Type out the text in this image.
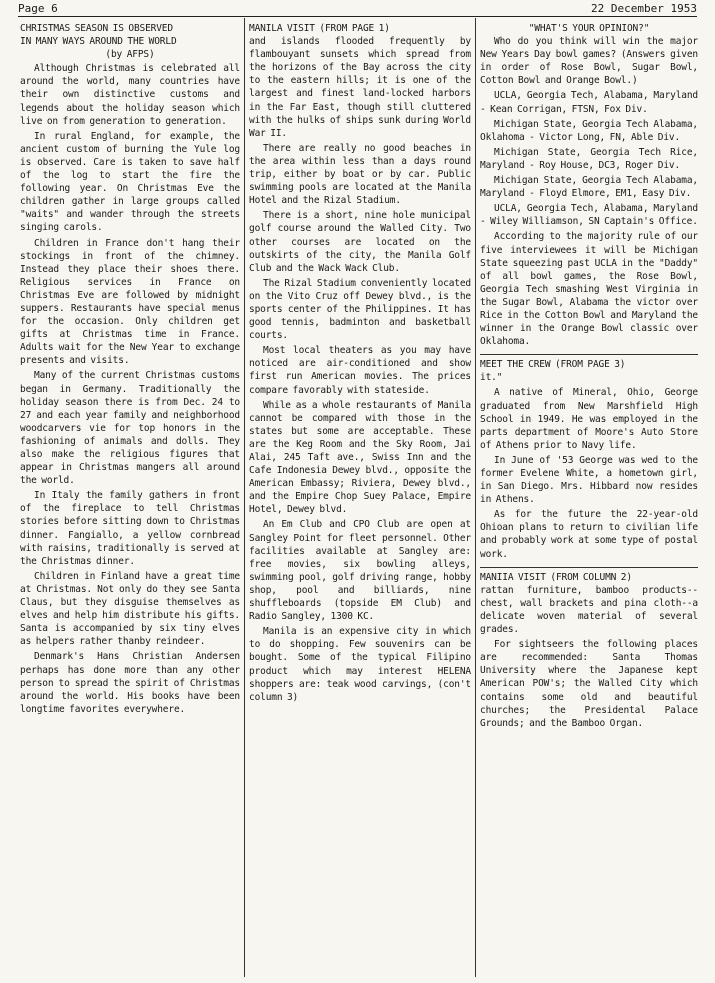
Page 6	22 December 1953
CHRISTMAS SEASON IS OBSERVED
IN MANY WAYS AROUND THE WORLD
(by AFPS)

Although Christmas is celebrated all around the world, many countries have their own distinctive customs and legends about the holiday season which live on from generation to generation.

In rural England, for example, the ancient custom of burning the Yule log is observed. Care is taken to save half of the log to start the fire the following year. On Christmas Eve the children gather in large groups called "waits" and wander through the streets singing carols.

Children in France don't hang their stockings in front of the chimney. Instead they place their shoes there. Religious services in France on Christmas Eve are followed by midnight suppers. Restaurants have special menus for the occasion. Only children get gifts at Christmas time in France. Adults wait for the New Year to exchange presents and visits.

Many of the current Christmas customs began in Germany. Traditionally the holiday season there is from Dec. 24 to 27 and each year family and neighborhood woodcarvers vie for top honors in the fashioning of animals and dolls. They also make the religious figures that appear in Christmas mangers all around the world.

In Italy the family gathers in front of the fireplace to tell Christmas stories before sitting down to Christmas dinner. Fangiallo, a yellow cornbread with raisins, traditionally is served at the Christmas dinner.

Children in Finland have a great time at Christmas. Not only do they see Santa Claus, but they disguise themselves as elves and help him distribute his gifts. Santa is accompanied by six tiny elves as helpers rather thanby reindeer.

Denmark's Hans Christian Andersen perhaps has done more than any other person to spread the spirit of Christmas around the world. His books have been longtime favorites everywhere.

MANILA VISIT (FROM PAGE 1)

and islands flooded frequently by flambouyant sunsets which spread from the horizons of the Bay across the city to the eastern hills; it is one of the largest and finest land-locked harbors in the Far East, though still cluttered with the hulks of ships sunk during World War II.

There are really no good beaches in the area within less than a days round trip, either by boat or by car. Public swimming pools are located at the Manila Hotel and the Rizal Stadium.

There is a short, nine hole municipal golf course around the Walled City. Two other courses are located on the outskirts of the city, the Manila Golf Club and the Wack Wack Club.

The Rizal Stadium conveniently located on the Vito Cruz off Dewey blvd., is the sports center of the Philippines. It has good tennis, badminton and basketball courts.

Most local theaters as you may have noticed are air-conditioned and show first run American movies. The prices compare favorably with stateside.

While as a whole restaurants of Manila cannot be compared with those in the states but some are acceptable. These are the Keg Room and the Sky Room, Jai Alai, 245 Taft ave., Swiss Inn and the Cafe Indonesia Dewey blvd., opposite the American Embassy; Riviera, Dewey blvd., and the Empire Chop Suey Palace, Empire Hotel, Dewey blvd.

An Em Club and CPO Club are open at Sangley Point for fleet personnel. Other facilities available at Sangley are: free movies, six bowling alleys, swimming pool, golf driving range, hobby shop, pool and billiards, nine shuffleboards (topside EM Club) and Radio Sangley, 1300 KC.

Manila is an expensive city in which to do shopping. Few souvenirs can be bought. Some of the typical Filipino product which may interest HELENA shoppers are: teak wood carvings, (con't column 3)

"WHAT'S YOUR OPINION?"

Who do you think will win the major New Years Day bowl games? (Answers given in order of Rose Bowl, Sugar Bowl, Cotton Bowl and Orange Bowl.)

UCLA, Georgia Tech, Alabama, Maryland - Kean Corrigan, FTSN, Fox Div.

Michigan State, Georgia Tech Alabama, Oklahoma - Victor Long, FN, Able Div.

Michigan State, Georgia Tech Rice, Maryland - Roy House, DC3, Roger Div.

Michigan State, Georgia Tech Alabama, Maryland - Floyd Elmore, EM1, Easy Div.

UCLA, Georgia Tech, Alabama, Maryland - Wiley Williamson, SN Captain's Office.

According to the majority rule of our five interviewees it will be Michigan State squeezing past UCLA in the "Daddy" of all bowl games, the Rose Bowl, Georgia Tech smashing West Virginia in the Sugar Bowl, Alabama the victor over Rice in the Cotton Bowl and Maryland the winner in the Orange Bowl classic over Oklahoma.

MEET THE CREW (FROM PAGE 3)

it."

A native of Mineral, Ohio, George graduated from New Marshfield High School in 1949. He was employed in the parts department of Moore's Auto Store of Athens prior to Navy life.

In June of '53 George was wed to the former Evelene White, a hometown girl, in San Diego. Mrs. Hibbard now resides in Athens.

As for the future the 22-year-old Ohioan plans to return to civilian life and probably work at some type of postal work.

MANIIA VISIT (FROM COLUMN 2)

rattan furniture, bamboo products--chest, wall brackets and pina cloth--a delicate woven material of several grades.

For sightseers the following places are recommended: Santa Thomas University where the Japanese kept American POW's; the Walled City which contains some old and beautiful churches; the Presidental Palace Grounds; and the Bamboo Organ.
